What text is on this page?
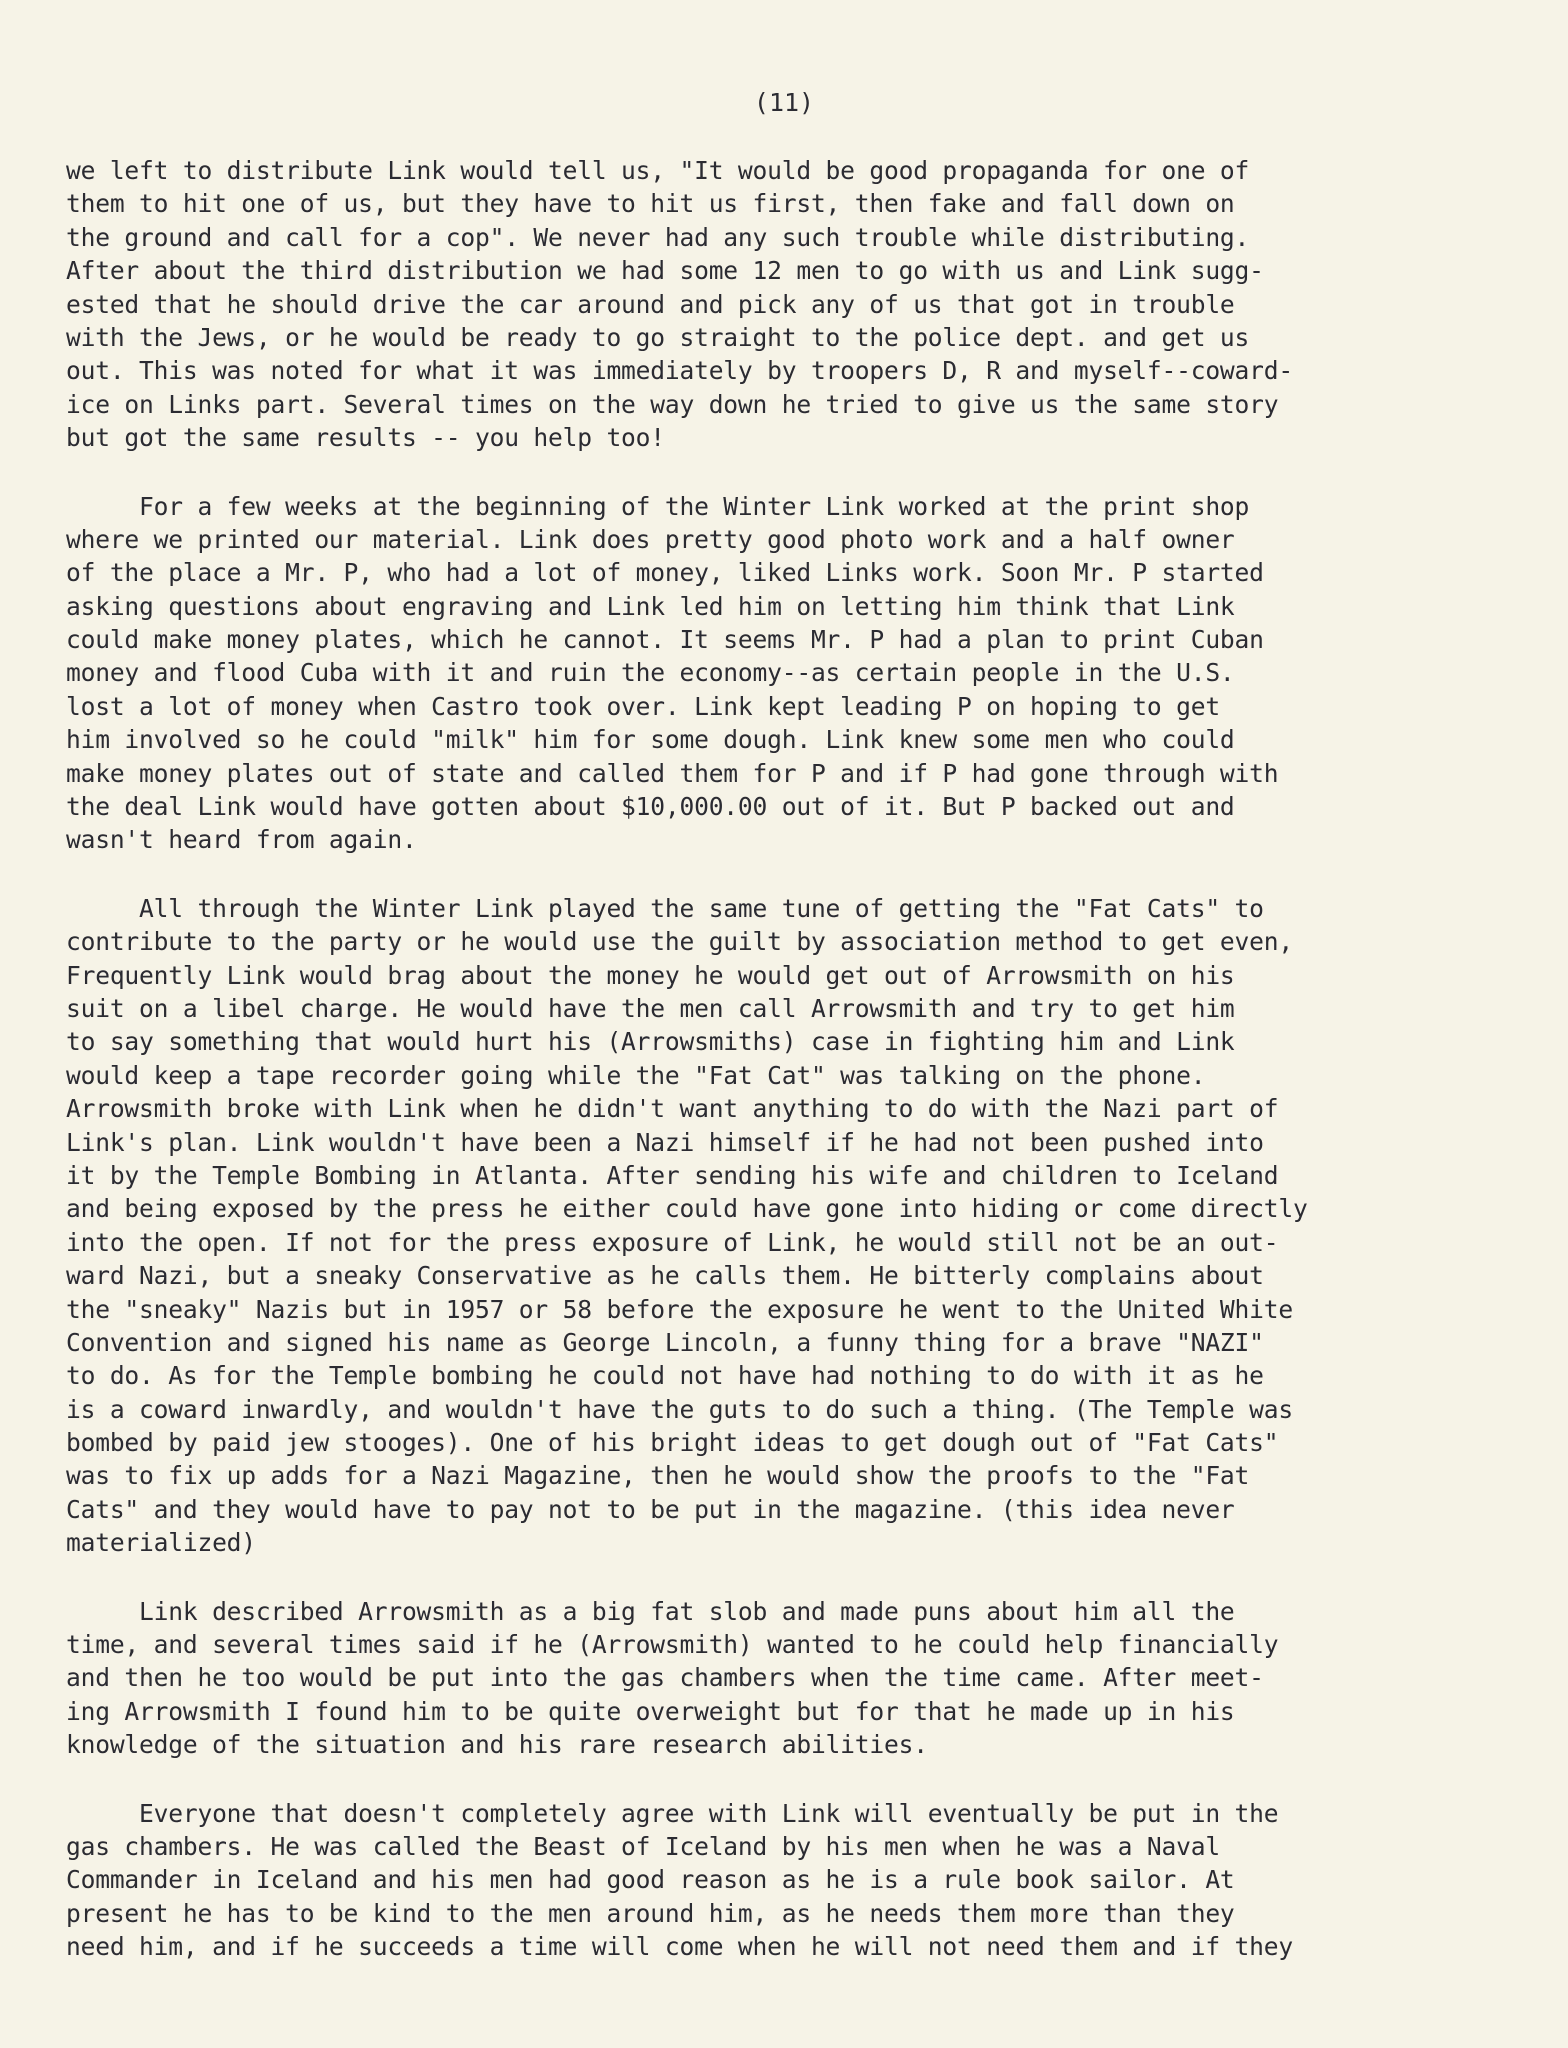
(11)

we left to distribute Link would tell us, "It would be good propaganda for one of
them to hit one of us, but they have to hit us first, then fake and fall down on
the ground and call for a cop". We never had any such trouble while distributing.
After about the third distribution we had some 12 men to go with us and Link sugg-
ested that he should drive the car around and pick any of us that got in trouble
with the Jews, or he would be ready to go straight to the police dept. and get us
out. This was noted for what it was immediately by troopers D, R and myself--coward-
ice on Links part. Several times on the way down he tried to give us the same story
but got the same results -- you help too!
For a few weeks at the beginning of the Winter Link worked at the print shop
where we printed our material. Link does pretty good photo work and a half owner
of the place a Mr. P, who had a lot of money, liked Links work. Soon Mr. P started
asking questions about engraving and Link led him on letting him think that Link
could make money plates, which he cannot. It seems Mr. P had a plan to print Cuban
money and flood Cuba with it and ruin the economy--as certain people in the U.S.
lost a lot of money when Castro took over. Link kept leading P on hoping to get
him involved so he could "milk" him for some dough. Link knew some men who could
make money plates out of state and called them for P and if P had gone through with
the deal Link would have gotten about $10,000.00 out of it. But P backed out and
wasn't heard from again.
All through the Winter Link played the same tune of getting the "Fat Cats" to
contribute to the party or he would use the guilt by association method to get even,
Frequently Link would brag about the money he would get out of Arrowsmith on his
suit on a libel charge. He would have the men call Arrowsmith and try to get him
to say something that would hurt his (Arrowsmiths) case in fighting him and Link
would keep a tape recorder going while the "Fat Cat" was talking on the phone.
Arrowsmith broke with Link when he didn't want anything to do with the Nazi part of
Link's plan. Link wouldn't have been a Nazi himself if he had not been pushed into
it by the Temple Bombing in Atlanta. After sending his wife and children to Iceland
and being exposed by the press he either could have gone into hiding or come directly
into the open. If not for the press exposure of Link, he would still not be an out-
ward Nazi, but a sneaky Conservative as he calls them. He bitterly complains about
the "sneaky" Nazis but in 1957 or 58 before the exposure he went to the United White
Convention and signed his name as George Lincoln, a funny thing for a brave "NAZI"
to do. As for the Temple bombing he could not have had nothing to do with it as he
is a coward inwardly, and wouldn't have the guts to do such a thing. (The Temple was
bombed by paid jew stooges). One of his bright ideas to get dough out of "Fat Cats"
was to fix up adds for a Nazi Magazine, then he would show the proofs to the "Fat
Cats" and they would have to pay not to be put in the magazine. (this idea never
materialized)
Link described Arrowsmith as a big fat slob and made puns about him all the
time, and several times said if he (Arrowsmith) wanted to he could help financially
and then he too would be put into the gas chambers when the time came. After meet-
ing Arrowsmith I found him to be quite overweight but for that he made up in his
knowledge of the situation and his rare research abilities.
Everyone that doesn't completely agree with Link will eventually be put in the
gas chambers. He was called the Beast of Iceland by his men when he was a Naval
Commander in Iceland and his men had good reason as he is a rule book sailor. At
present he has to be kind to the men around him, as he needs them more than they
need him, and if he succeeds a time will come when he will not need them and if they
